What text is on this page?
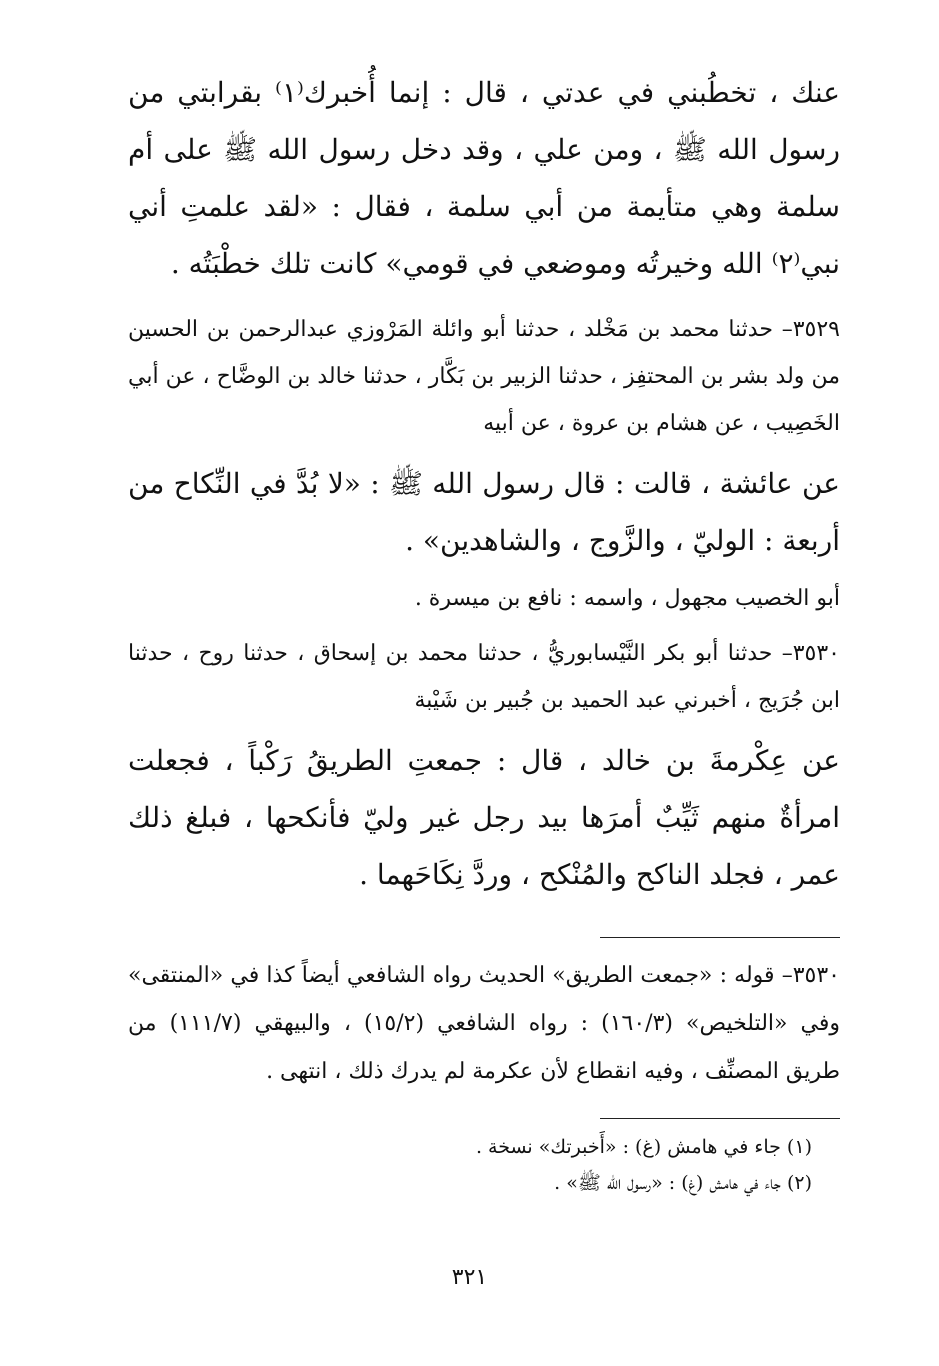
عنك ، تخطُبني في عدتي ، قال : إنما أُخبرك⁽١⁾ بقرابتي من رسول الله ﷺ ، ومن علي ، وقد دخل رسول الله ﷺ على أم سلمة وهي متأيمة من أبي سلمة ، فقال : «لقد علمتِ أني نبي⁽٢⁾ الله وخيرتُه وموضعي في قومي» كانت تلك خطْبَتُه .

٣٥٢٩– حدثنا محمد بن مَخْلد ، حدثنا أبو وائلة المَرْوزي عبدالرحمن بن الحسين من ولد بشر بن المحتفِز ، حدثنا الزبير بن بَكَّار ، حدثنا خالد بن الوضَّاح ، عن أبي الخَصِيب ، عن هشام بن عروة ، عن أبيه

عن عائشة ، قالت : قال رسول الله ﷺ : «لا بُدَّ في النِّكاح من أربعة : الوليّ ، والزَّوج ، والشاهدين» .

أبو الخصيب مجهول ، واسمه : نافع بن ميسرة .

٣٥٣٠– حدثنا أبو بكر النَّيْسابوريُّ ، حدثنا محمد بن إسحاق ، حدثنا روح ، حدثنا ابن جُرَيج ، أخبرني عبد الحميد بن جُبير بن شَيْبة

عن عِكْرمةَ بن خالد ، قال : جمعتِ الطريقُ رَكْباً ، فجعلت امرأةٌ منهم ثَيِّبٌ أمرَها بيد رجل غير وليّ فأنكحها ، فبلغ ذلك عمر ، فجلد الناكح والمُنْكح ، وردَّ نِكَاحَهما .

٣٥٣٠– قوله : «جمعت الطريق» الحديث رواه الشافعي أيضاً كذا في «المنتقى» وفي «التلخيص» (١٦٠/٣) : رواه الشافعي (١٥/٢) ، والبيهقي (١١١/٧) من طريق المصنِّف ، وفيه انقطاع لأن عكرمة لم يدرك ذلك ، انتهى .

(١) جاء في هامش (غ) : «أَخبرتك» نسخة .

(٢) جاء في هامش (غ) : «رسول الله ﷺ» .

٣٢١
